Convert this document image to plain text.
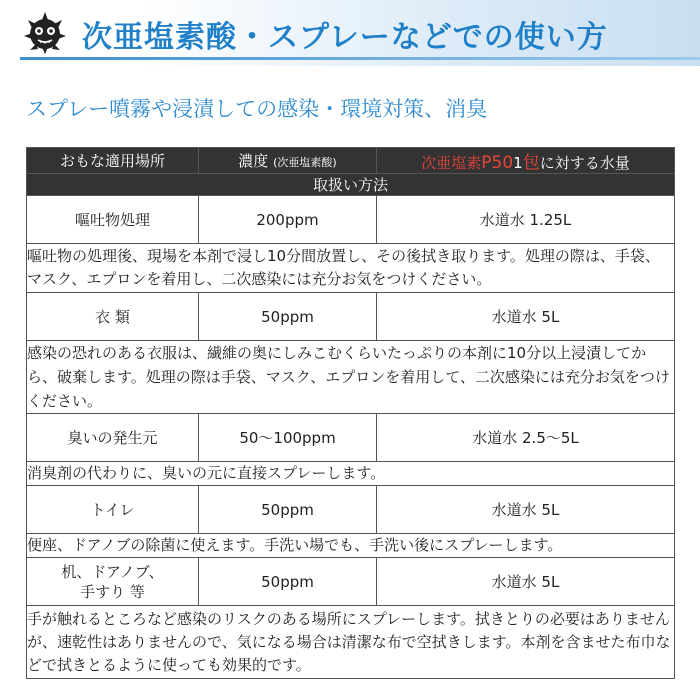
次亜塩素酸・スプレーなどでの使い方
スプレー噴霧や浸漬しての感染・環境対策、消臭
おもな適用場所	濃度 (次亜塩素酸)	次亜塩素P501包に対する水量
取扱い方法		
嘔吐物処理	200ppm	水道水 1.25L
嘔吐物の処理後、現場を本剤で浸し10分間放置し、その後拭き取ります。処理の際は、手袋、マスク、エプロンを着用し、二次感染には充分お気をつけください。		
衣 類	50ppm	水道水 5L
感染の恐れのある衣服は、繊維の奥にしみこむくらいたっぷりの本剤に10分以上浸漬してから、破棄します。処理の際は手袋、マスク、エプロンを着用して、二次感染には充分お気をつけください。		
臭いの発生元	50〜100ppm	水道水 2.5〜5L
消臭剤の代わりに、臭いの元に直接スプレーします。		
トイレ	50ppm	水道水 5L
便座、ドアノブの除菌に使えます。手洗い場でも、手洗い後にスプレーします。		
机、ドアノブ、
手すり 等	50ppm	水道水 5L
手が触れるところなど感染のリスクのある場所にスプレーします。拭きとりの必要はありませんが、速乾性はありませんので、気になる場合は清潔な布で空拭きします。本剤を含ませた布巾などで拭きとるように使っても効果的です。		
